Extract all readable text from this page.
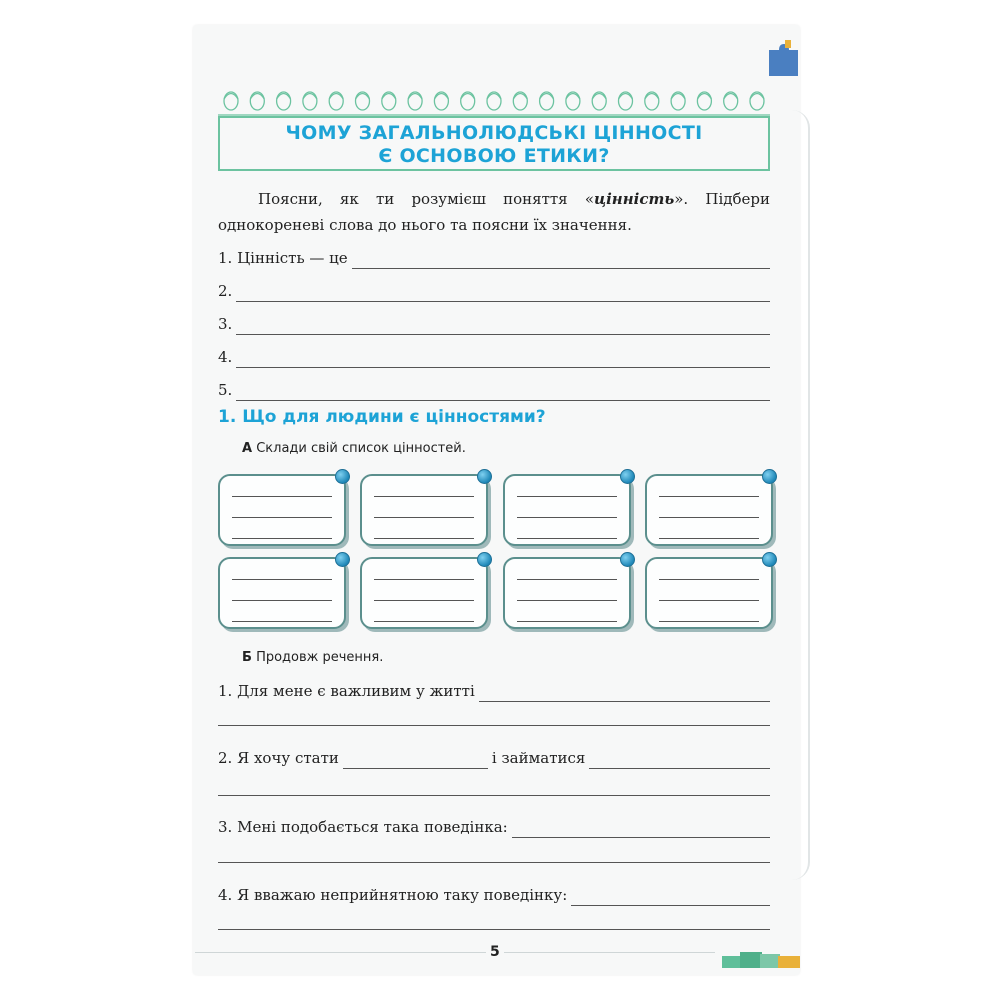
ЧОМУ ЗАГАЛЬНОЛЮДСЬКІ ЦІННОСТІ
Є ОСНОВОЮ ЕТИКИ?
Поясни, як ти розумієш поняття «цінність». Підбери
однокореневі слова до нього та поясни їх значення.
1. Цінність — це
2.
3.
4.
5.
1. Що для людини є цінностями?
А Склади свій список цінностей.
Б Продовж речення.
1. Для мене є важливим у житті
2. Я хочу стати	і займатися
3. Мені подобається така поведінка:
4. Я вважаю неприйнятною таку поведінку:
5
